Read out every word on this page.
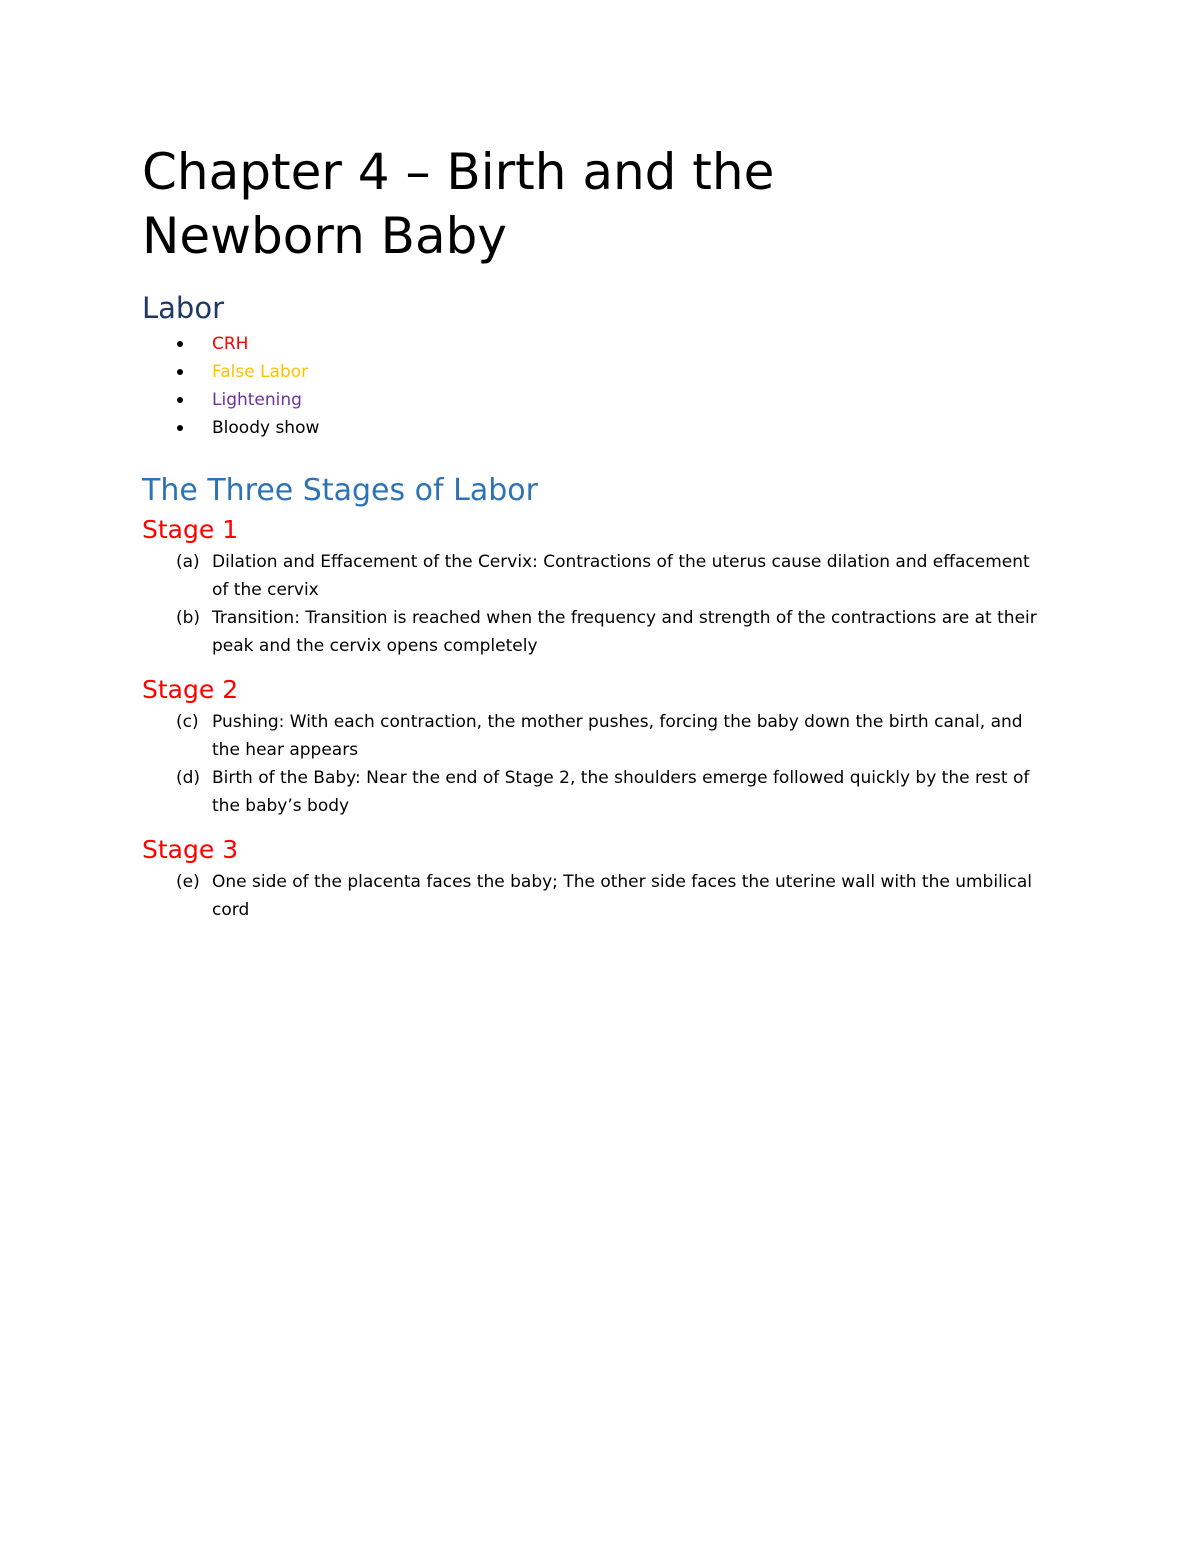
Chapter 4 – Birth and the
Newborn Baby
Labor
CRH
False Labor
Lightening
Bloody show
The Three Stages of Labor
Stage 1
(a) Dilation and Effacement of the Cervix: Contractions of the uterus cause dilation and effacement of the cervix
(b) Transition: Transition is reached when the frequency and strength of the contractions are at their peak and the cervix opens completely
Stage 2
(c) Pushing: With each contraction, the mother pushes, forcing the baby down the birth canal, and the hear appears
(d) Birth of the Baby: Near the end of Stage 2, the shoulders emerge followed quickly by the rest of the baby’s body
Stage 3
(e) One side of the placenta faces the baby; The other side faces the uterine wall with the umbilical cord
